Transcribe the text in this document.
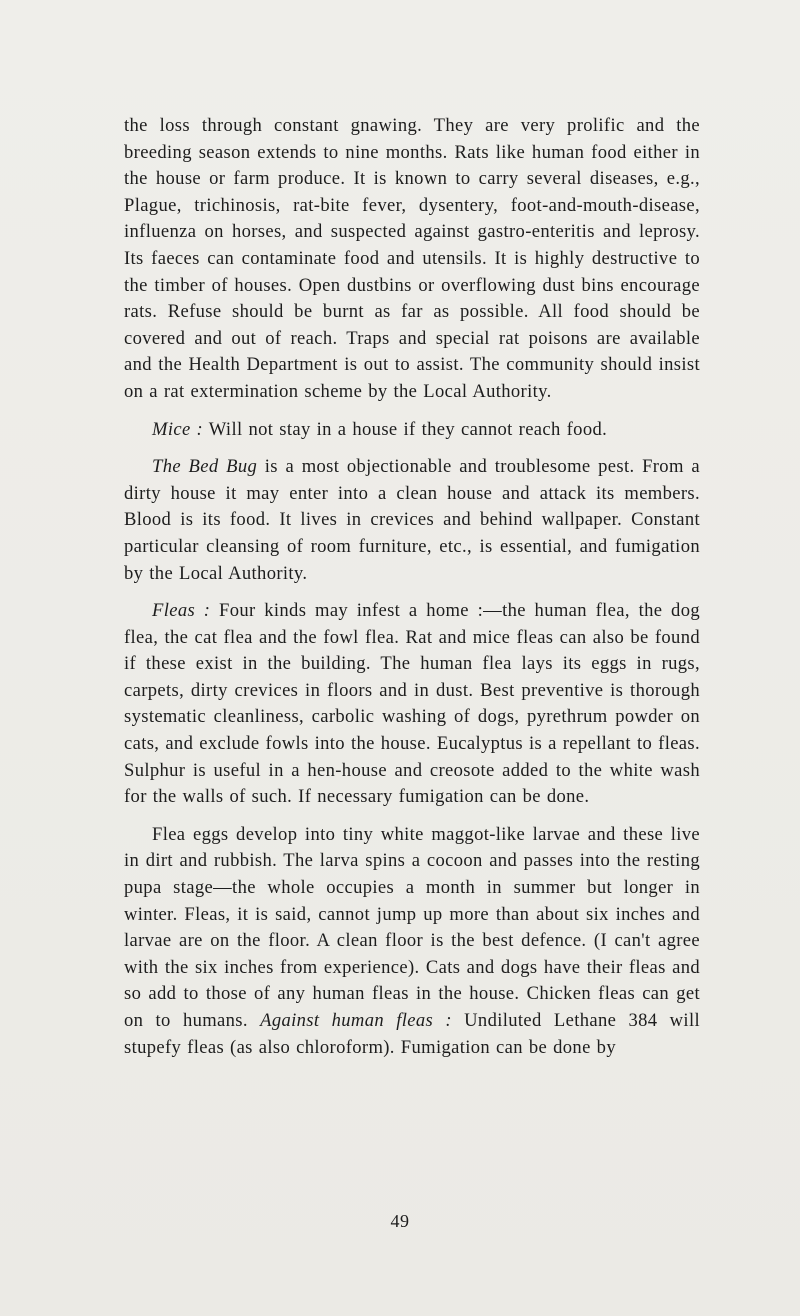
the loss through constant gnawing. They are very prolific and the breeding season extends to nine months. Rats like human food either in the house or farm produce. It is known to carry several diseases, e.g., Plague, trichinosis, rat-bite fever, dysentery, foot-and-mouth-disease, influenza on horses, and suspected against gastro-enteritis and leprosy. Its faeces can contaminate food and utensils. It is highly destructive to the timber of houses. Open dustbins or overflowing dust bins encourage rats. Refuse should be burnt as far as possible. All food should be covered and out of reach. Traps and special rat poisons are available and the Health Department is out to assist. The community should insist on a rat extermination scheme by the Local Authority.

Mice : Will not stay in a house if they cannot reach food.

The Bed Bug is a most objectionable and troublesome pest. From a dirty house it may enter into a clean house and attack its members. Blood is its food. It lives in crevices and behind wallpaper. Constant particular cleansing of room furniture, etc., is essential, and fumigation by the Local Authority.

Fleas : Four kinds may infest a home :—the human flea, the dog flea, the cat flea and the fowl flea. Rat and mice fleas can also be found if these exist in the building. The human flea lays its eggs in rugs, carpets, dirty crevices in floors and in dust. Best preventive is thorough systematic cleanliness, carbolic washing of dogs, pyrethrum powder on cats, and exclude fowls into the house. Eucalyptus is a repellant to fleas. Sulphur is useful in a hen-house and creosote added to the white wash for the walls of such. If necessary fumigation can be done.

Flea eggs develop into tiny white maggot-like larvae and these live in dirt and rubbish. The larva spins a cocoon and passes into the resting pupa stage—the whole occupies a month in summer but longer in winter. Fleas, it is said, cannot jump up more than about six inches and larvae are on the floor. A clean floor is the best defence. (I can't agree with the six inches from experience). Cats and dogs have their fleas and so add to those of any human fleas in the house. Chicken fleas can get on to humans. Against human fleas : Undiluted Lethane 384 will stupefy fleas (as also chloroform). Fumigation can be done by

49
